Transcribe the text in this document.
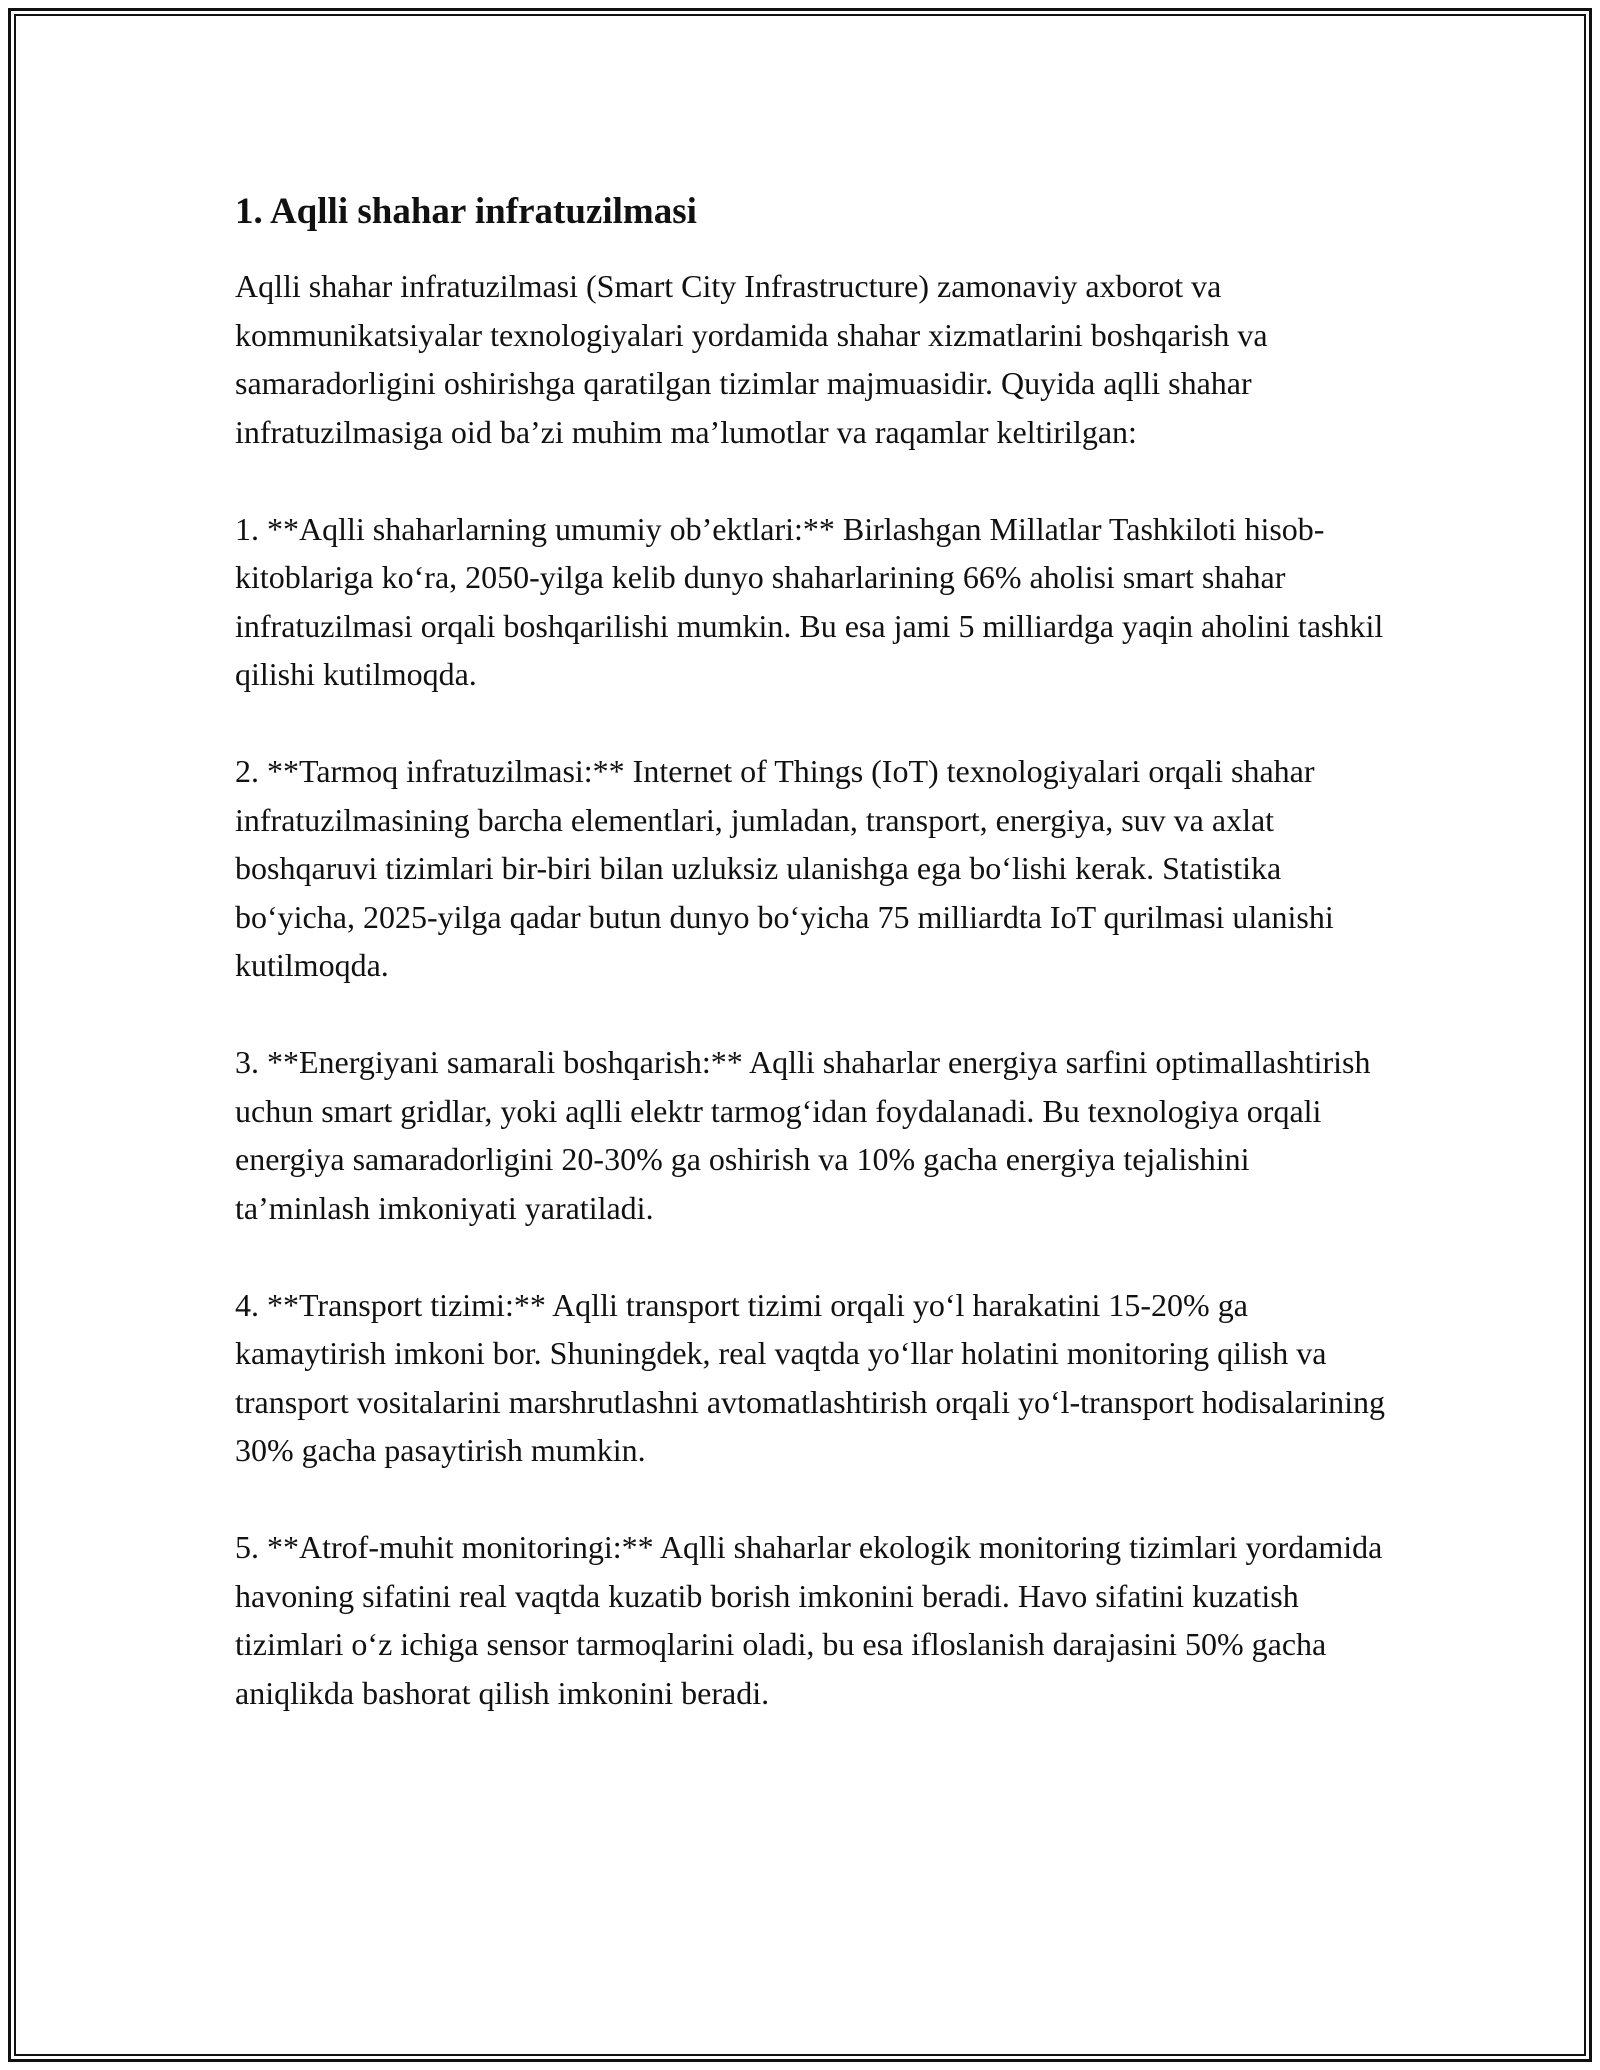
1. Aqlli shahar infratuzilmasi

Aqlli shahar infratuzilmasi (Smart City Infrastructure) zamonaviy axborot va kommunikatsiyalar texnologiyalari yordamida shahar xizmatlarini boshqarish va samaradorligini oshirishga qaratilgan tizimlar majmuasidir. Quyida aqlli shahar infratuzilmasiga oid ba’zi muhim ma’lumotlar va raqamlar keltirilgan:

1. **Aqlli shaharlarning umumiy ob’ektlari:** Birlashgan Millatlar Tashkiloti hisob-kitoblariga ko‘ra, 2050-yilga kelib dunyo shaharlarining 66% aholisi smart shahar infratuzilmasi orqali boshqarilishi mumkin. Bu esa jami 5 milliardga yaqin aholini tashkil qilishi kutilmoqda.

2. **Tarmoq infratuzilmasi:** Internet of Things (IoT) texnologiyalari orqali shahar infratuzilmasining barcha elementlari, jumladan, transport, energiya, suv va axlat boshqaruvi tizimlari bir-biri bilan uzluksiz ulanishga ega bo‘lishi kerak. Statistika bo‘yicha, 2025-yilga qadar butun dunyo bo‘yicha 75 milliardta IoT qurilmasi ulanishi kutilmoqda.

3. **Energiyani samarali boshqarish:** Aqlli shaharlar energiya sarfini optimallashtirish uchun smart gridlar, yoki aqlli elektr tarmog‘idan foydalanadi. Bu texnologiya orqali energiya samaradorligini 20-30% ga oshirish va 10% gacha energiya tejalishini ta’minlash imkoniyati yaratiladi.

4. **Transport tizimi:** Aqlli transport tizimi orqali yo‘l harakatini 15-20% ga kamaytirish imkoni bor. Shuningdek, real vaqtda yo‘llar holatini monitoring qilish va transport vositalarini marshrutlashni avtomatlashtirish orqali yo‘l-transport hodisalarining 30% gacha pasaytirish mumkin.

5. **Atrof-muhit monitoringi:** Aqlli shaharlar ekologik monitoring tizimlari yordamida havoning sifatini real vaqtda kuzatib borish imkonini beradi. Havo sifatini kuzatish tizimlari o‘z ichiga sensor tarmoqlarini oladi, bu esa ifloslanish darajasini 50% gacha aniqlikda bashorat qilish imkonini beradi.
